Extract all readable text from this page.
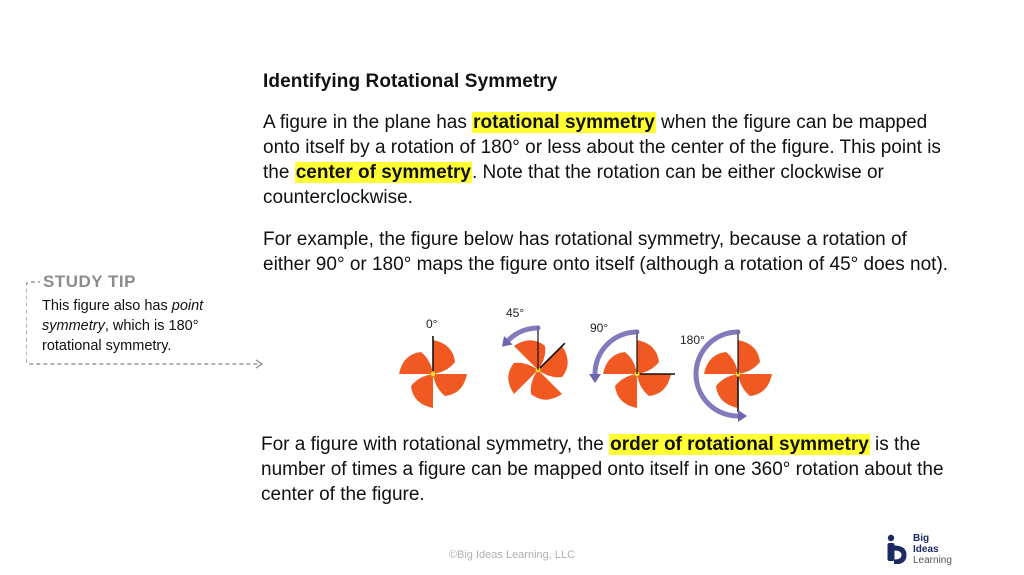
Identifying Rotational Symmetry
A figure in the plane has rotational symmetry when the figure can be mapped onto itself by a rotation of 180° or less about the center of the figure. This point is the center of symmetry. Note that the rotation can be either clockwise or counterclockwise.
For example, the figure below has rotational symmetry, because a rotation of either 90° or 180° maps the figure onto itself (although a rotation of 45° does not).
STUDY TIP
This figure also has point symmetry, which is 180° rotational symmetry.
0°
45°
90°
180°
For a figure with rotational symmetry, the order of rotational symmetry is the number of times a figure can be mapped onto itself in one 360° rotation about the center of the figure.
©Big Ideas Learning, LLC
Big
Ideas
Learning
